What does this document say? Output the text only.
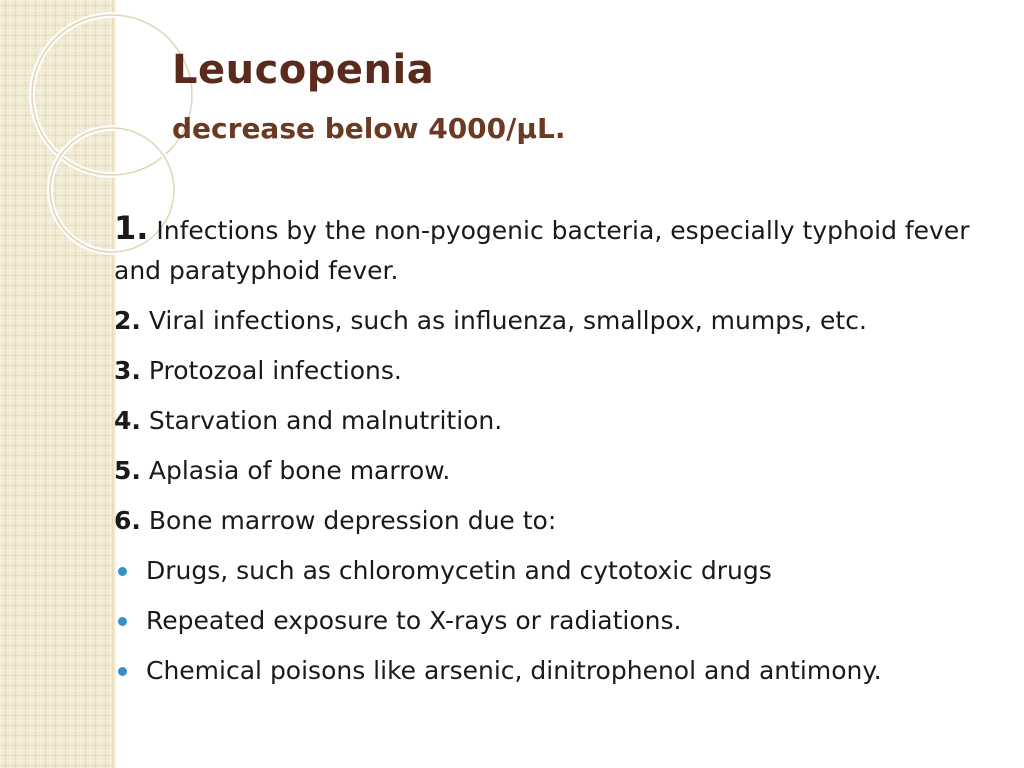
Leucopenia
decrease below 4000/µL.

1. Infections by the non-pyogenic bacteria, especially typhoid fever and paratyphoid fever.

2. Viral infections, such as influenza, smallpox, mumps, etc.

3. Protozoal infections.

4. Starvation and malnutrition.

5. Aplasia of bone marrow.

6. Bone marrow depression due to:

Drugs, such as chloromycetin and cytotoxic drugs

Repeated exposure to X-rays or radiations.

Chemical poisons like arsenic, dinitrophenol and antimony.
